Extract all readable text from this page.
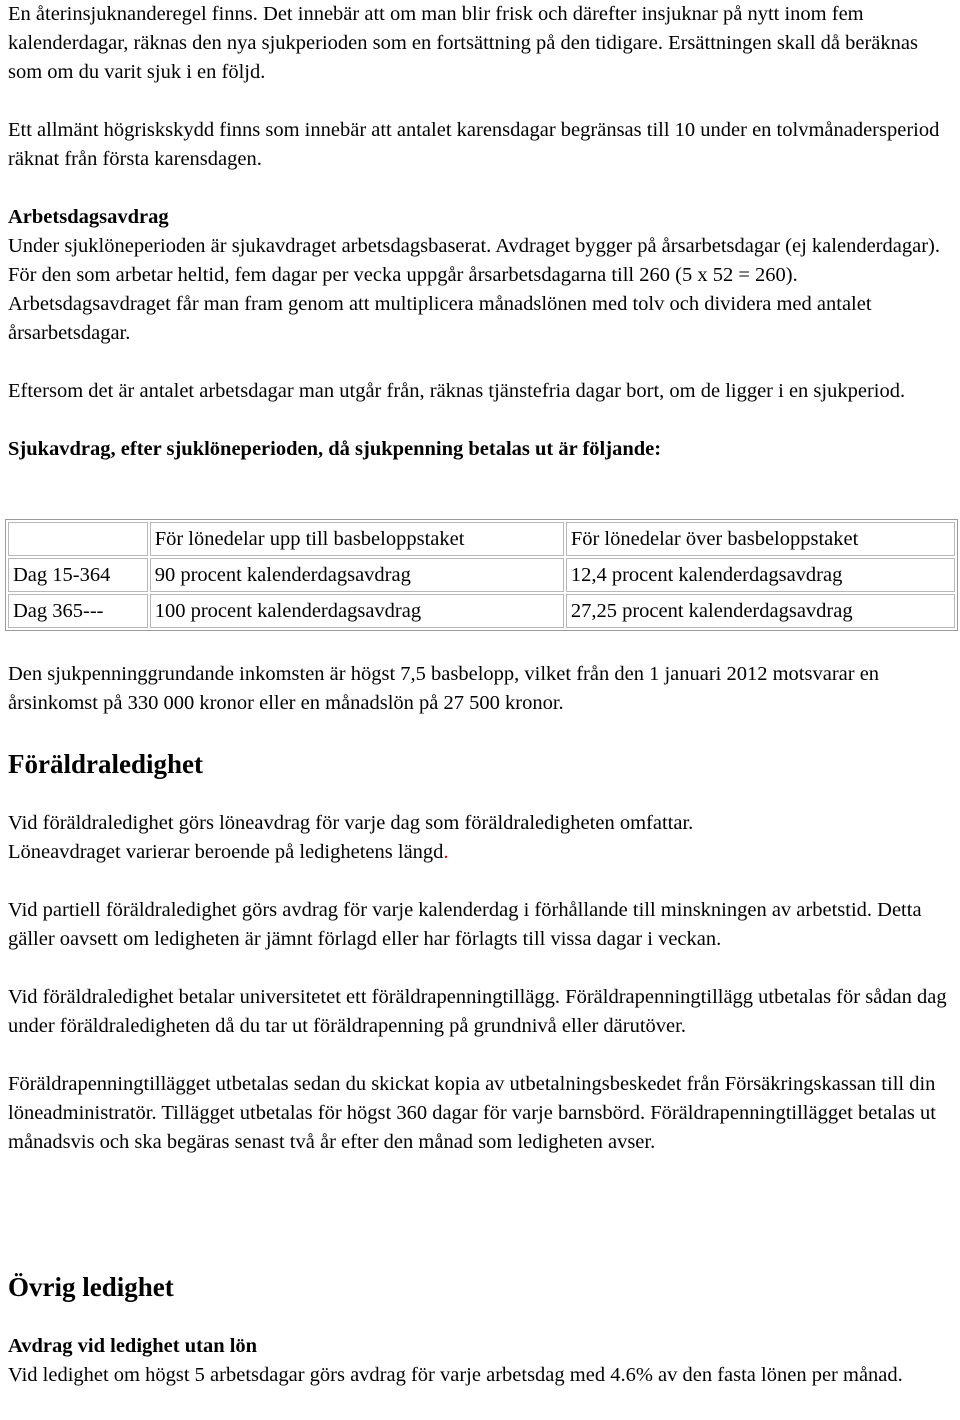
En återinsjuknanderegel finns. Det innebär att om man blir frisk och därefter insjuknar på nytt inom fem kalenderdagar, räknas den nya sjukperioden som en fortsättning på den tidigare. Ersättningen skall då beräknas som om du varit sjuk i en följd.

Ett allmänt högriskskydd finns som innebär att antalet karensdagar begränsas till 10 under en tolvmånadersperiod räknat från första karensdagen.

Arbetsdagsavdrag

Under sjuklöneperioden är sjukavdraget arbetsdagsbaserat. Avdraget bygger på årsarbetsdagar (ej kalenderdagar). För den som arbetar heltid, fem dagar per vecka uppgår årsarbetsdagarna till 260 (5 x 52 = 260). Arbetsdagsavdraget får man fram genom att multiplicera månadslönen med tolv och dividera med antalet årsarbetsdagar.

Eftersom det är antalet arbetsdagar man utgår från, räknas tjänstefria dagar bort, om de ligger i en sjukperiod.

Sjukavdrag, efter sjuklöneperioden, då sjukpenning betalas ut är följande:

	För lönedelar upp till basbeloppstaket	För lönedelar över basbeloppstaket
Dag 15-364	90 procent kalenderdagsavdrag	12,4 procent kalenderdagsavdrag
Dag 365---	100 procent kalenderdagsavdrag	27,25 procent kalenderdagsavdrag

Den sjukpenninggrundande inkomsten är högst 7,5 basbelopp, vilket från den 1 januari 2012 motsvarar en årsinkomst på 330 000 kronor eller en månadslön på 27 500 kronor.

Föräldraledighet

Vid föräldraledighet görs löneavdrag för varje dag som föräldraledigheten omfattar.
Löneavdraget varierar beroende på ledighetens längd.

Vid partiell föräldraledighet görs avdrag för varje kalenderdag i förhållande till minskningen av arbetstid. Detta gäller oavsett om ledigheten är jämnt förlagd eller har förlagts till vissa dagar i veckan.

Vid föräldraledighet betalar universitetet ett föräldrapenningtillägg. Föräldrapenningtillägg utbetalas för sådan dag under föräldraledigheten då du tar ut föräldrapenning på grundnivå eller därutöver.

Föräldrapenningtillägget utbetalas sedan du skickat kopia av utbetalningsbeskedet från Försäkringskassan till din löneadministratör. Tillägget utbetalas för högst 360 dagar för varje barnsbörd. Föräldrapenningtillägget betalas ut månadsvis och ska begäras senast två år efter den månad som ledigheten avser.

Övrig ledighet

Avdrag vid ledighet utan lön

Vid ledighet om högst 5 arbetsdagar görs avdrag för varje arbetsdag med 4.6% av den fasta lönen per månad.
